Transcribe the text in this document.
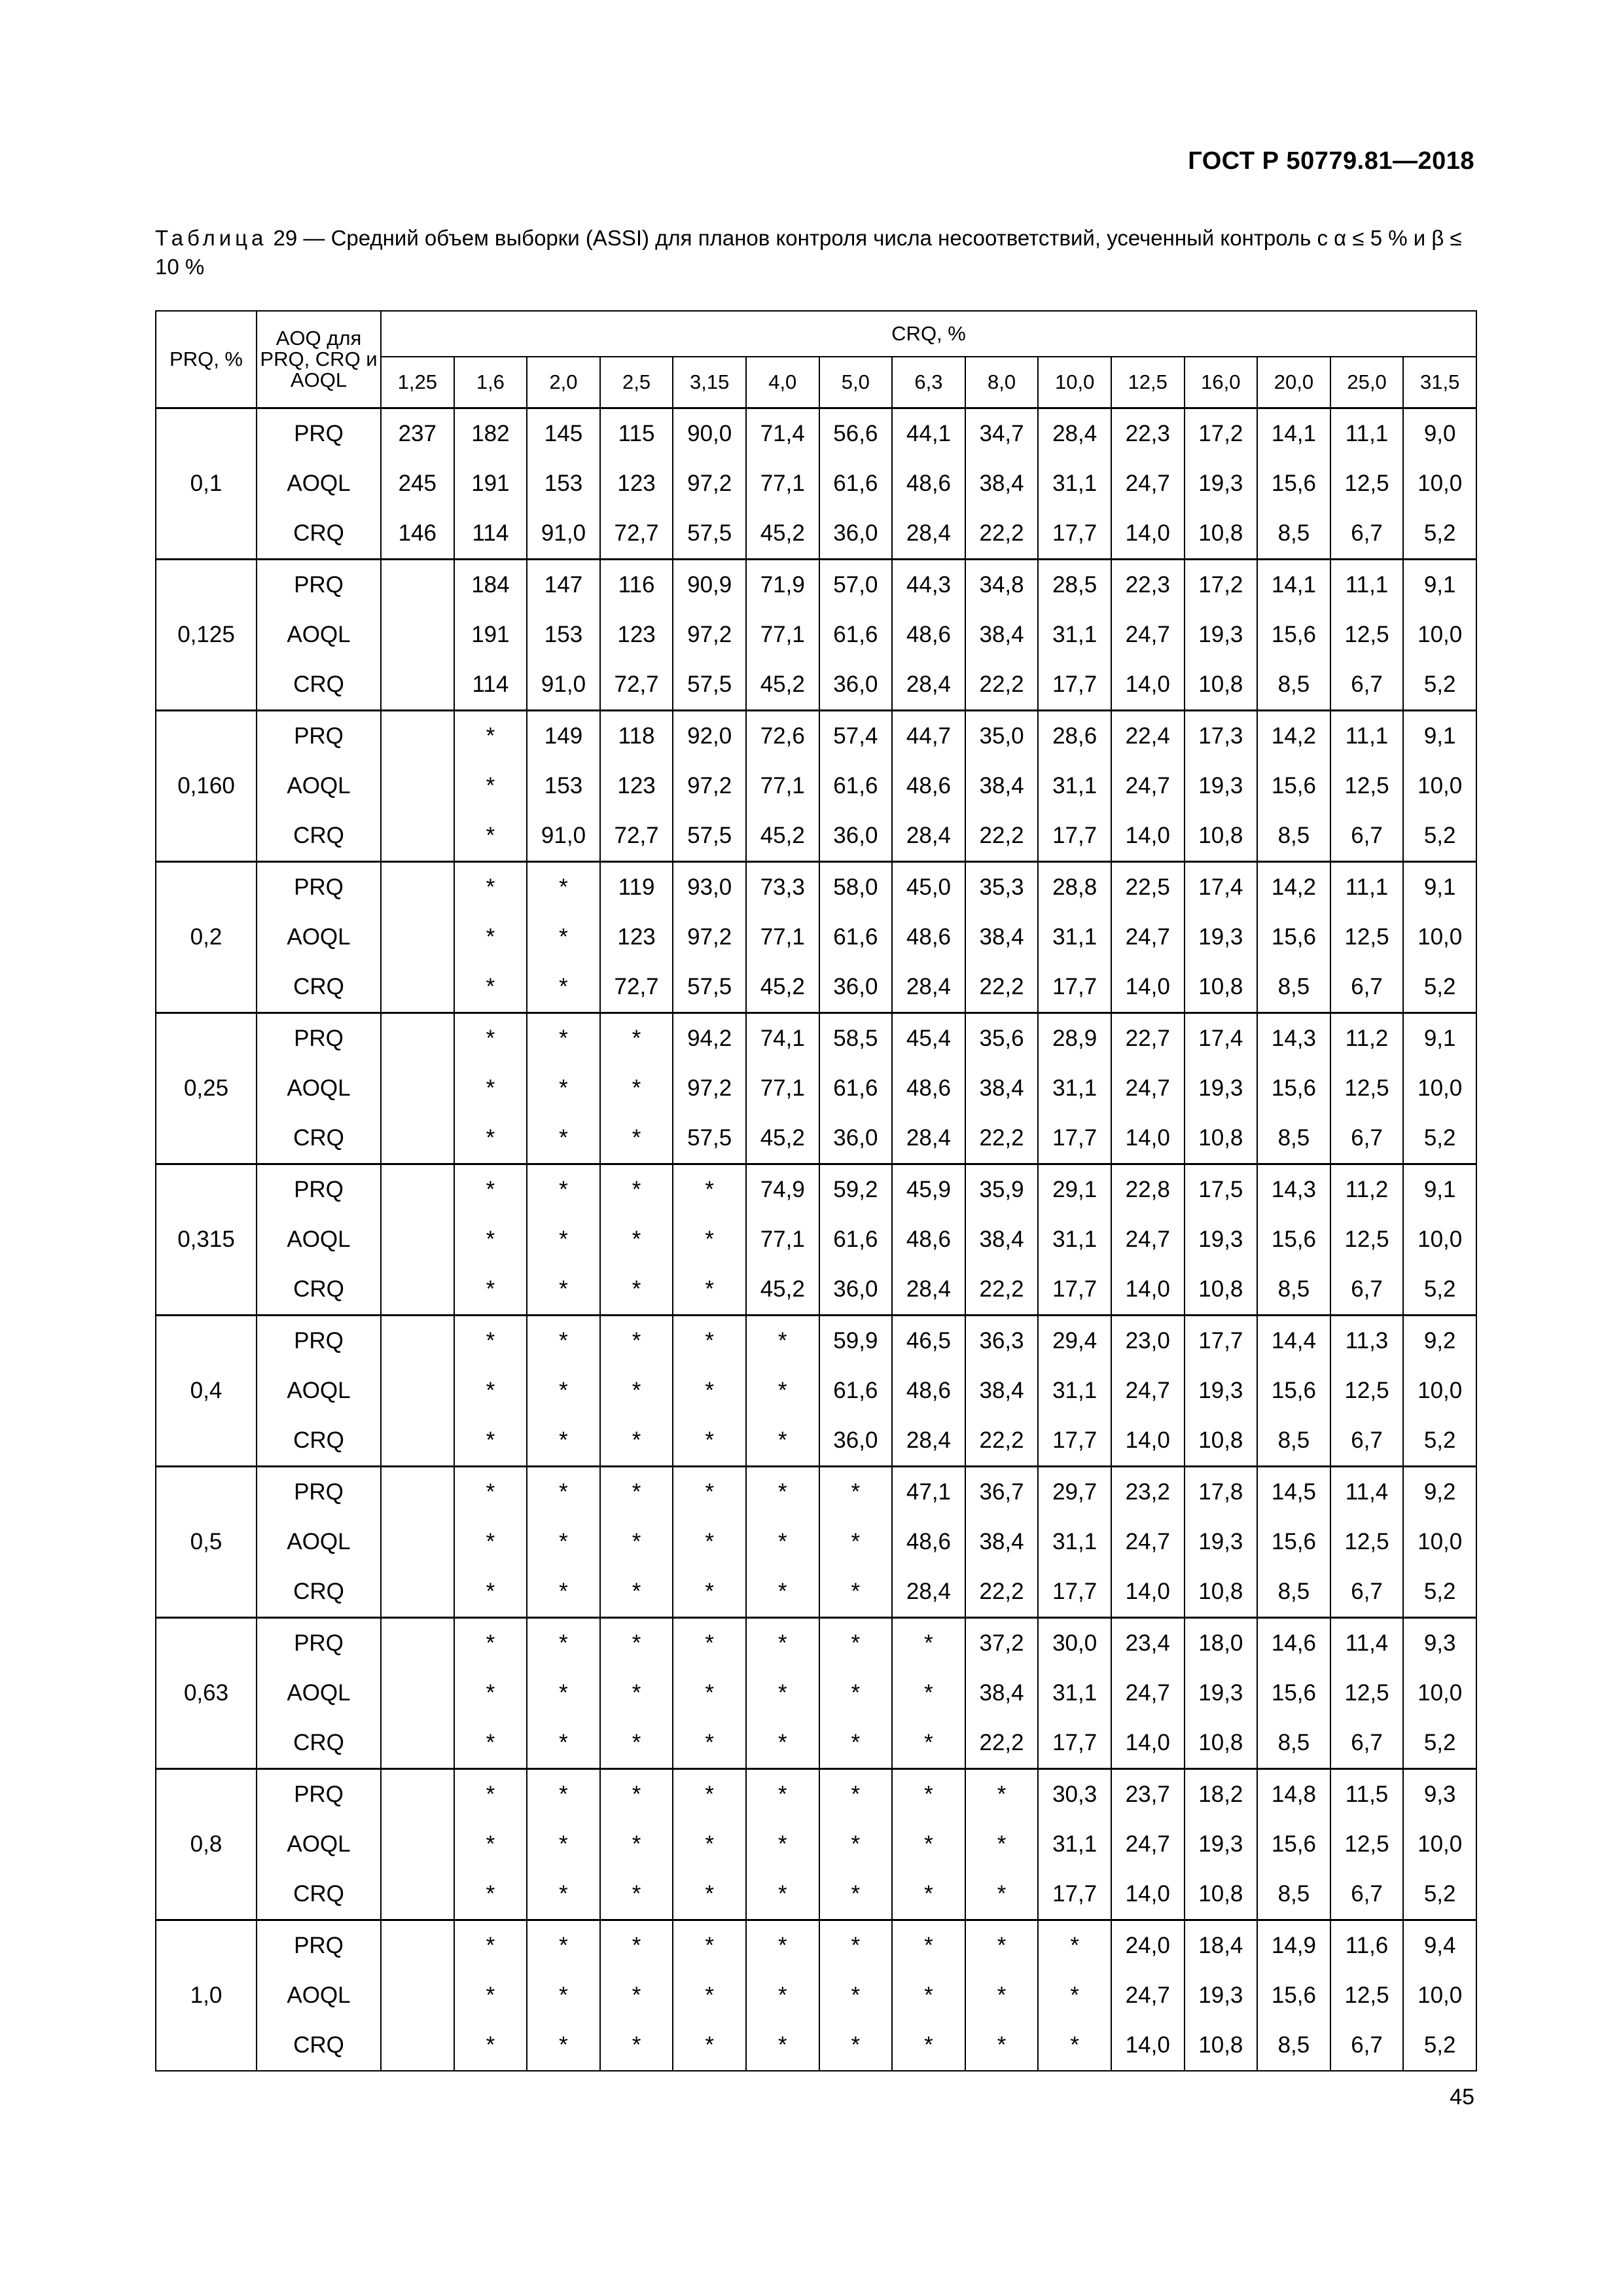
ГОСТ Р 50779.81—2018
Таблица 29 — Средний объем выборки (ASSI) для планов контроля числа несоответствий, усеченный контроль c α ≤ 5 % и β ≤ 10 %
PRQ, %	AOQ для PRQ, CRQ и AOQL	CRQ, %														
		1,25	1,6	2,0	2,5	3,15	4,0	5,0	6,3	8,0	10,0	12,5	16,0	20,0	25,0	31,5
0,1	PRQ	237	182	145	115	90,0	71,4	56,6	44,1	34,7	28,4	22,3	17,2	14,1	11,1	9,0
	AOQL	245	191	153	123	97,2	77,1	61,6	48,6	38,4	31,1	24,7	19,3	15,6	12,5	10,0
	CRQ	146	114	91,0	72,7	57,5	45,2	36,0	28,4	22,2	17,7	14,0	10,8	8,5	6,7	5,2
0,125	PRQ		184	147	116	90,9	71,9	57,0	44,3	34,8	28,5	22,3	17,2	14,1	11,1	9,1
	AOQL		191	153	123	97,2	77,1	61,6	48,6	38,4	31,1	24,7	19,3	15,6	12,5	10,0
	CRQ		114	91,0	72,7	57,5	45,2	36,0	28,4	22,2	17,7	14,0	10,8	8,5	6,7	5,2
0,160	PRQ		*	149	118	92,0	72,6	57,4	44,7	35,0	28,6	22,4	17,3	14,2	11,1	9,1
	AOQL		*	153	123	97,2	77,1	61,6	48,6	38,4	31,1	24,7	19,3	15,6	12,5	10,0
	CRQ		*	91,0	72,7	57,5	45,2	36,0	28,4	22,2	17,7	14,0	10,8	8,5	6,7	5,2
0,2	PRQ		*	*	119	93,0	73,3	58,0	45,0	35,3	28,8	22,5	17,4	14,2	11,1	9,1
	AOQL		*	*	123	97,2	77,1	61,6	48,6	38,4	31,1	24,7	19,3	15,6	12,5	10,0
	CRQ		*	*	72,7	57,5	45,2	36,0	28,4	22,2	17,7	14,0	10,8	8,5	6,7	5,2
0,25	PRQ		*	*	*	94,2	74,1	58,5	45,4	35,6	28,9	22,7	17,4	14,3	11,2	9,1
	AOQL		*	*	*	97,2	77,1	61,6	48,6	38,4	31,1	24,7	19,3	15,6	12,5	10,0
	CRQ		*	*	*	57,5	45,2	36,0	28,4	22,2	17,7	14,0	10,8	8,5	6,7	5,2
0,315	PRQ		*	*	*	*	74,9	59,2	45,9	35,9	29,1	22,8	17,5	14,3	11,2	9,1
	AOQL		*	*	*	*	77,1	61,6	48,6	38,4	31,1	24,7	19,3	15,6	12,5	10,0
	CRQ		*	*	*	*	45,2	36,0	28,4	22,2	17,7	14,0	10,8	8,5	6,7	5,2
0,4	PRQ		*	*	*	*	*	59,9	46,5	36,3	29,4	23,0	17,7	14,4	11,3	9,2
	AOQL		*	*	*	*	*	61,6	48,6	38,4	31,1	24,7	19,3	15,6	12,5	10,0
	CRQ		*	*	*	*	*	36,0	28,4	22,2	17,7	14,0	10,8	8,5	6,7	5,2
0,5	PRQ		*	*	*	*	*	*	47,1	36,7	29,7	23,2	17,8	14,5	11,4	9,2
	AOQL		*	*	*	*	*	*	48,6	38,4	31,1	24,7	19,3	15,6	12,5	10,0
	CRQ		*	*	*	*	*	*	28,4	22,2	17,7	14,0	10,8	8,5	6,7	5,2
0,63	PRQ		*	*	*	*	*	*	*	37,2	30,0	23,4	18,0	14,6	11,4	9,3
	AOQL		*	*	*	*	*	*	*	38,4	31,1	24,7	19,3	15,6	12,5	10,0
	CRQ		*	*	*	*	*	*	*	22,2	17,7	14,0	10,8	8,5	6,7	5,2
0,8	PRQ		*	*	*	*	*	*	*	*	30,3	23,7	18,2	14,8	11,5	9,3
	AOQL		*	*	*	*	*	*	*	*	31,1	24,7	19,3	15,6	12,5	10,0
	CRQ		*	*	*	*	*	*	*	*	17,7	14,0	10,8	8,5	6,7	5,2
1,0	PRQ		*	*	*	*	*	*	*	*	*	24,0	18,4	14,9	11,6	9,4
	AOQL		*	*	*	*	*	*	*	*	*	24,7	19,3	15,6	12,5	10,0
	CRQ		*	*	*	*	*	*	*	*	*	14,0	10,8	8,5	6,7	5,2
45
